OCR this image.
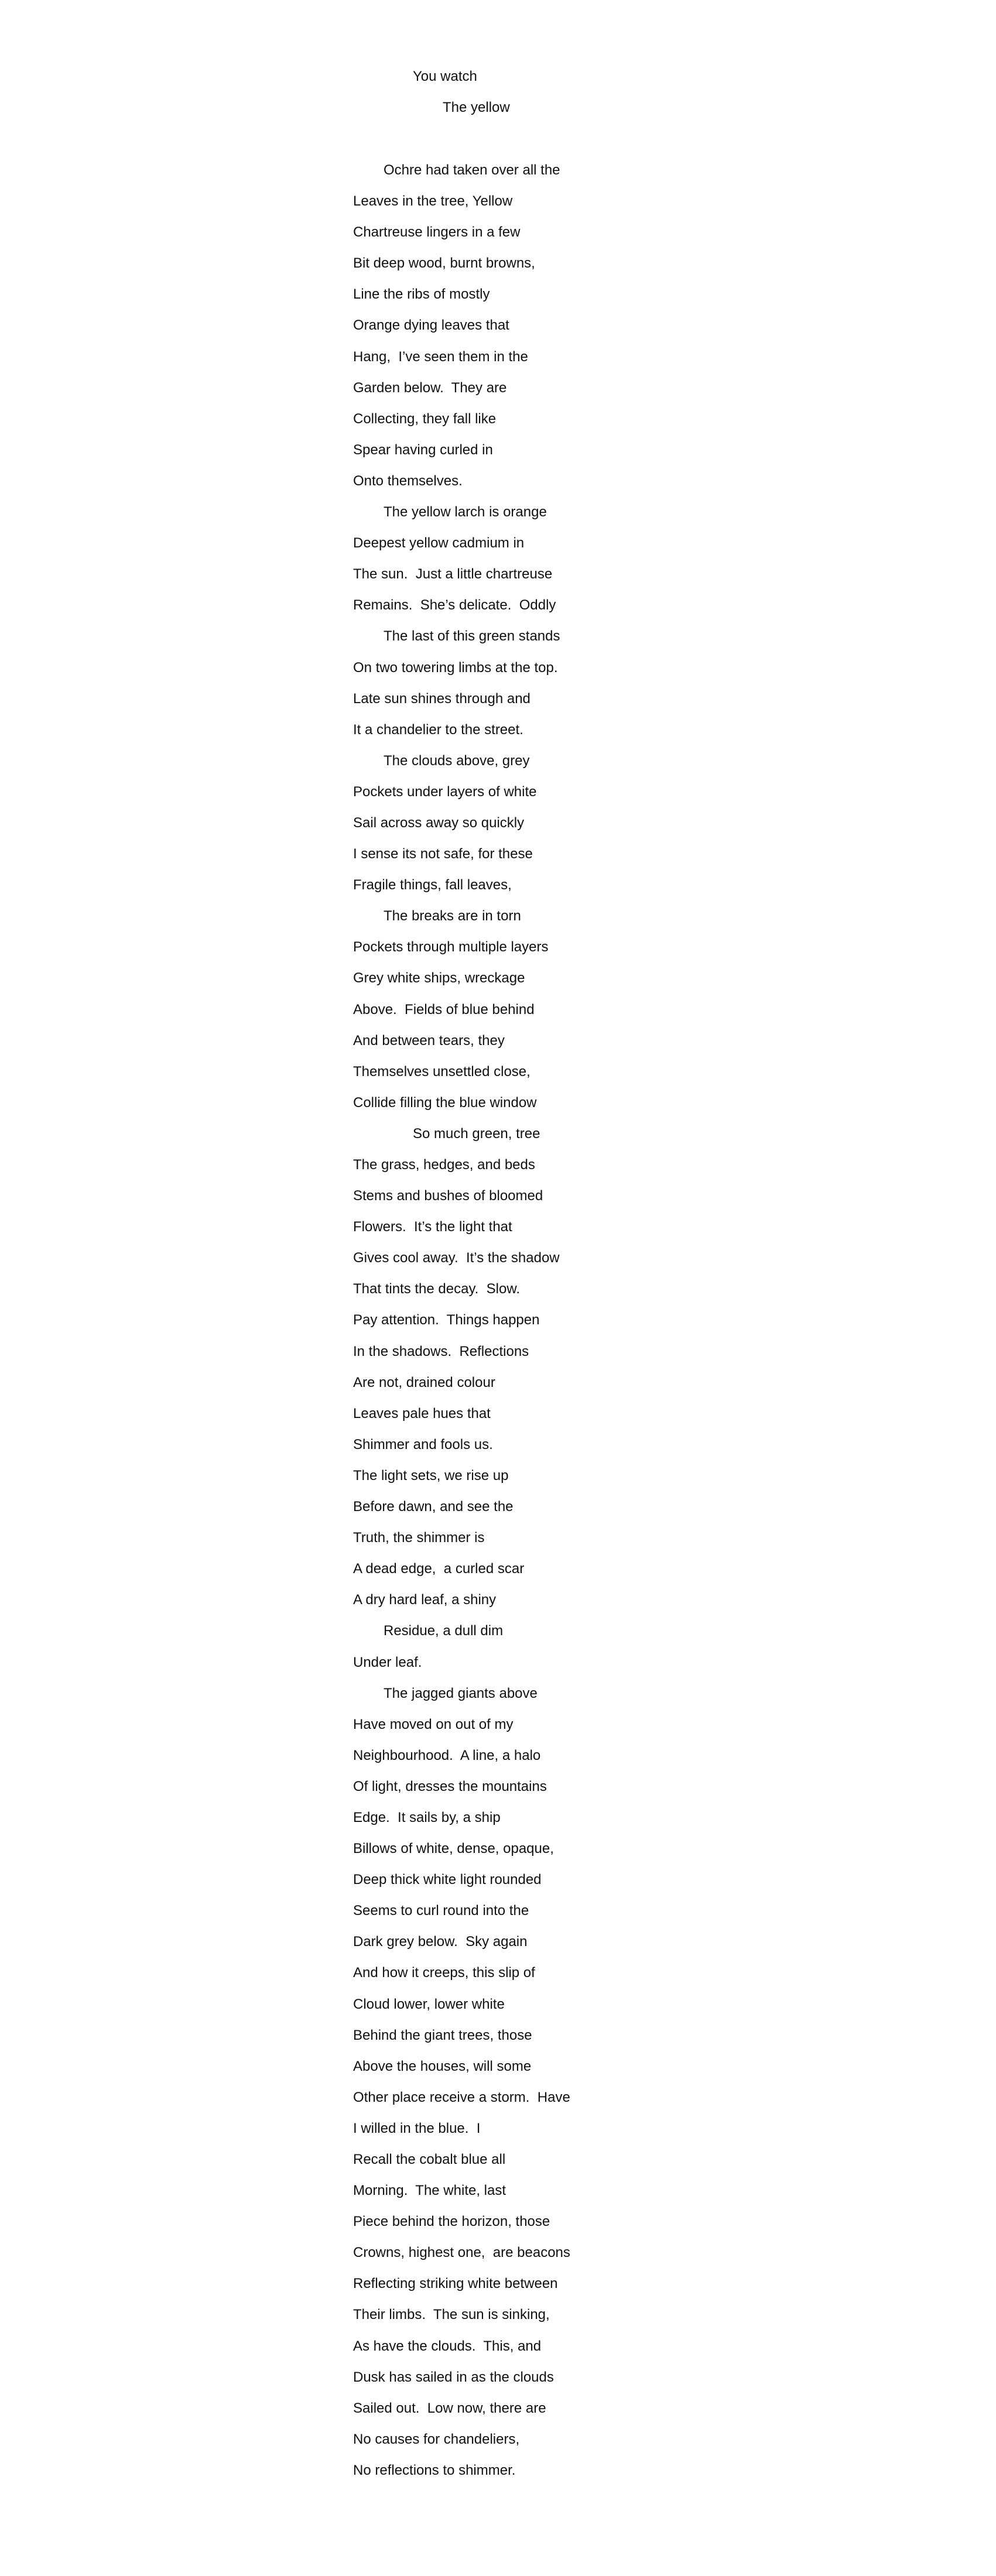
You watch
The yellow
Ochre had taken over all the
Leaves in the tree, Yellow
Chartreuse lingers in a few
Bit deep wood, burnt browns,
Line the ribs of mostly
Orange dying leaves that
Hang,  I’ve seen them in the
Garden below.  They are
Collecting, they fall like
Spear having curled in
Onto themselves.
The yellow larch is orange
Deepest yellow cadmium in
The sun.  Just a little chartreuse
Remains.  She’s delicate.  Oddly
The last of this green stands
On two towering limbs at the top.
Late sun shines through and
It a chandelier to the street.
The clouds above, grey
Pockets under layers of white
Sail across away so quickly
I sense its not safe, for these
Fragile things, fall leaves,
The breaks are in torn
Pockets through multiple layers
Grey white ships, wreckage
Above.  Fields of blue behind
And between tears, they
Themselves unsettled close,
Collide filling the blue window
So much green, tree
The grass, hedges, and beds
Stems and bushes of bloomed
Flowers.  It’s the light that
Gives cool away.  It’s the shadow
That tints the decay.  Slow.
Pay attention.  Things happen
In the shadows.  Reflections
Are not, drained colour
Leaves pale hues that
Shimmer and fools us.
The light sets, we rise up
Before dawn, and see the
Truth, the shimmer is
A dead edge,  a curled scar
A dry hard leaf, a shiny
Residue, a dull dim
Under leaf.
The jagged giants above
Have moved on out of my
Neighbourhood.  A line, a halo
Of light, dresses the mountains
Edge.  It sails by, a ship
Billows of white, dense, opaque,
Deep thick white light rounded
Seems to curl round into the
Dark grey below.  Sky again
And how it creeps, this slip of
Cloud lower, lower white
Behind the giant trees, those
Above the houses, will some
Other place receive a storm.  Have
I willed in the blue.  I
Recall the cobalt blue all
Morning.  The white, last
Piece behind the horizon, those
Crowns, highest one,  are beacons
Reflecting striking white between
Their limbs.  The sun is sinking,
As have the clouds.  This, and
Dusk has sailed in as the clouds
Sailed out.  Low now, there are
No causes for chandeliers,
No reflections to shimmer.
